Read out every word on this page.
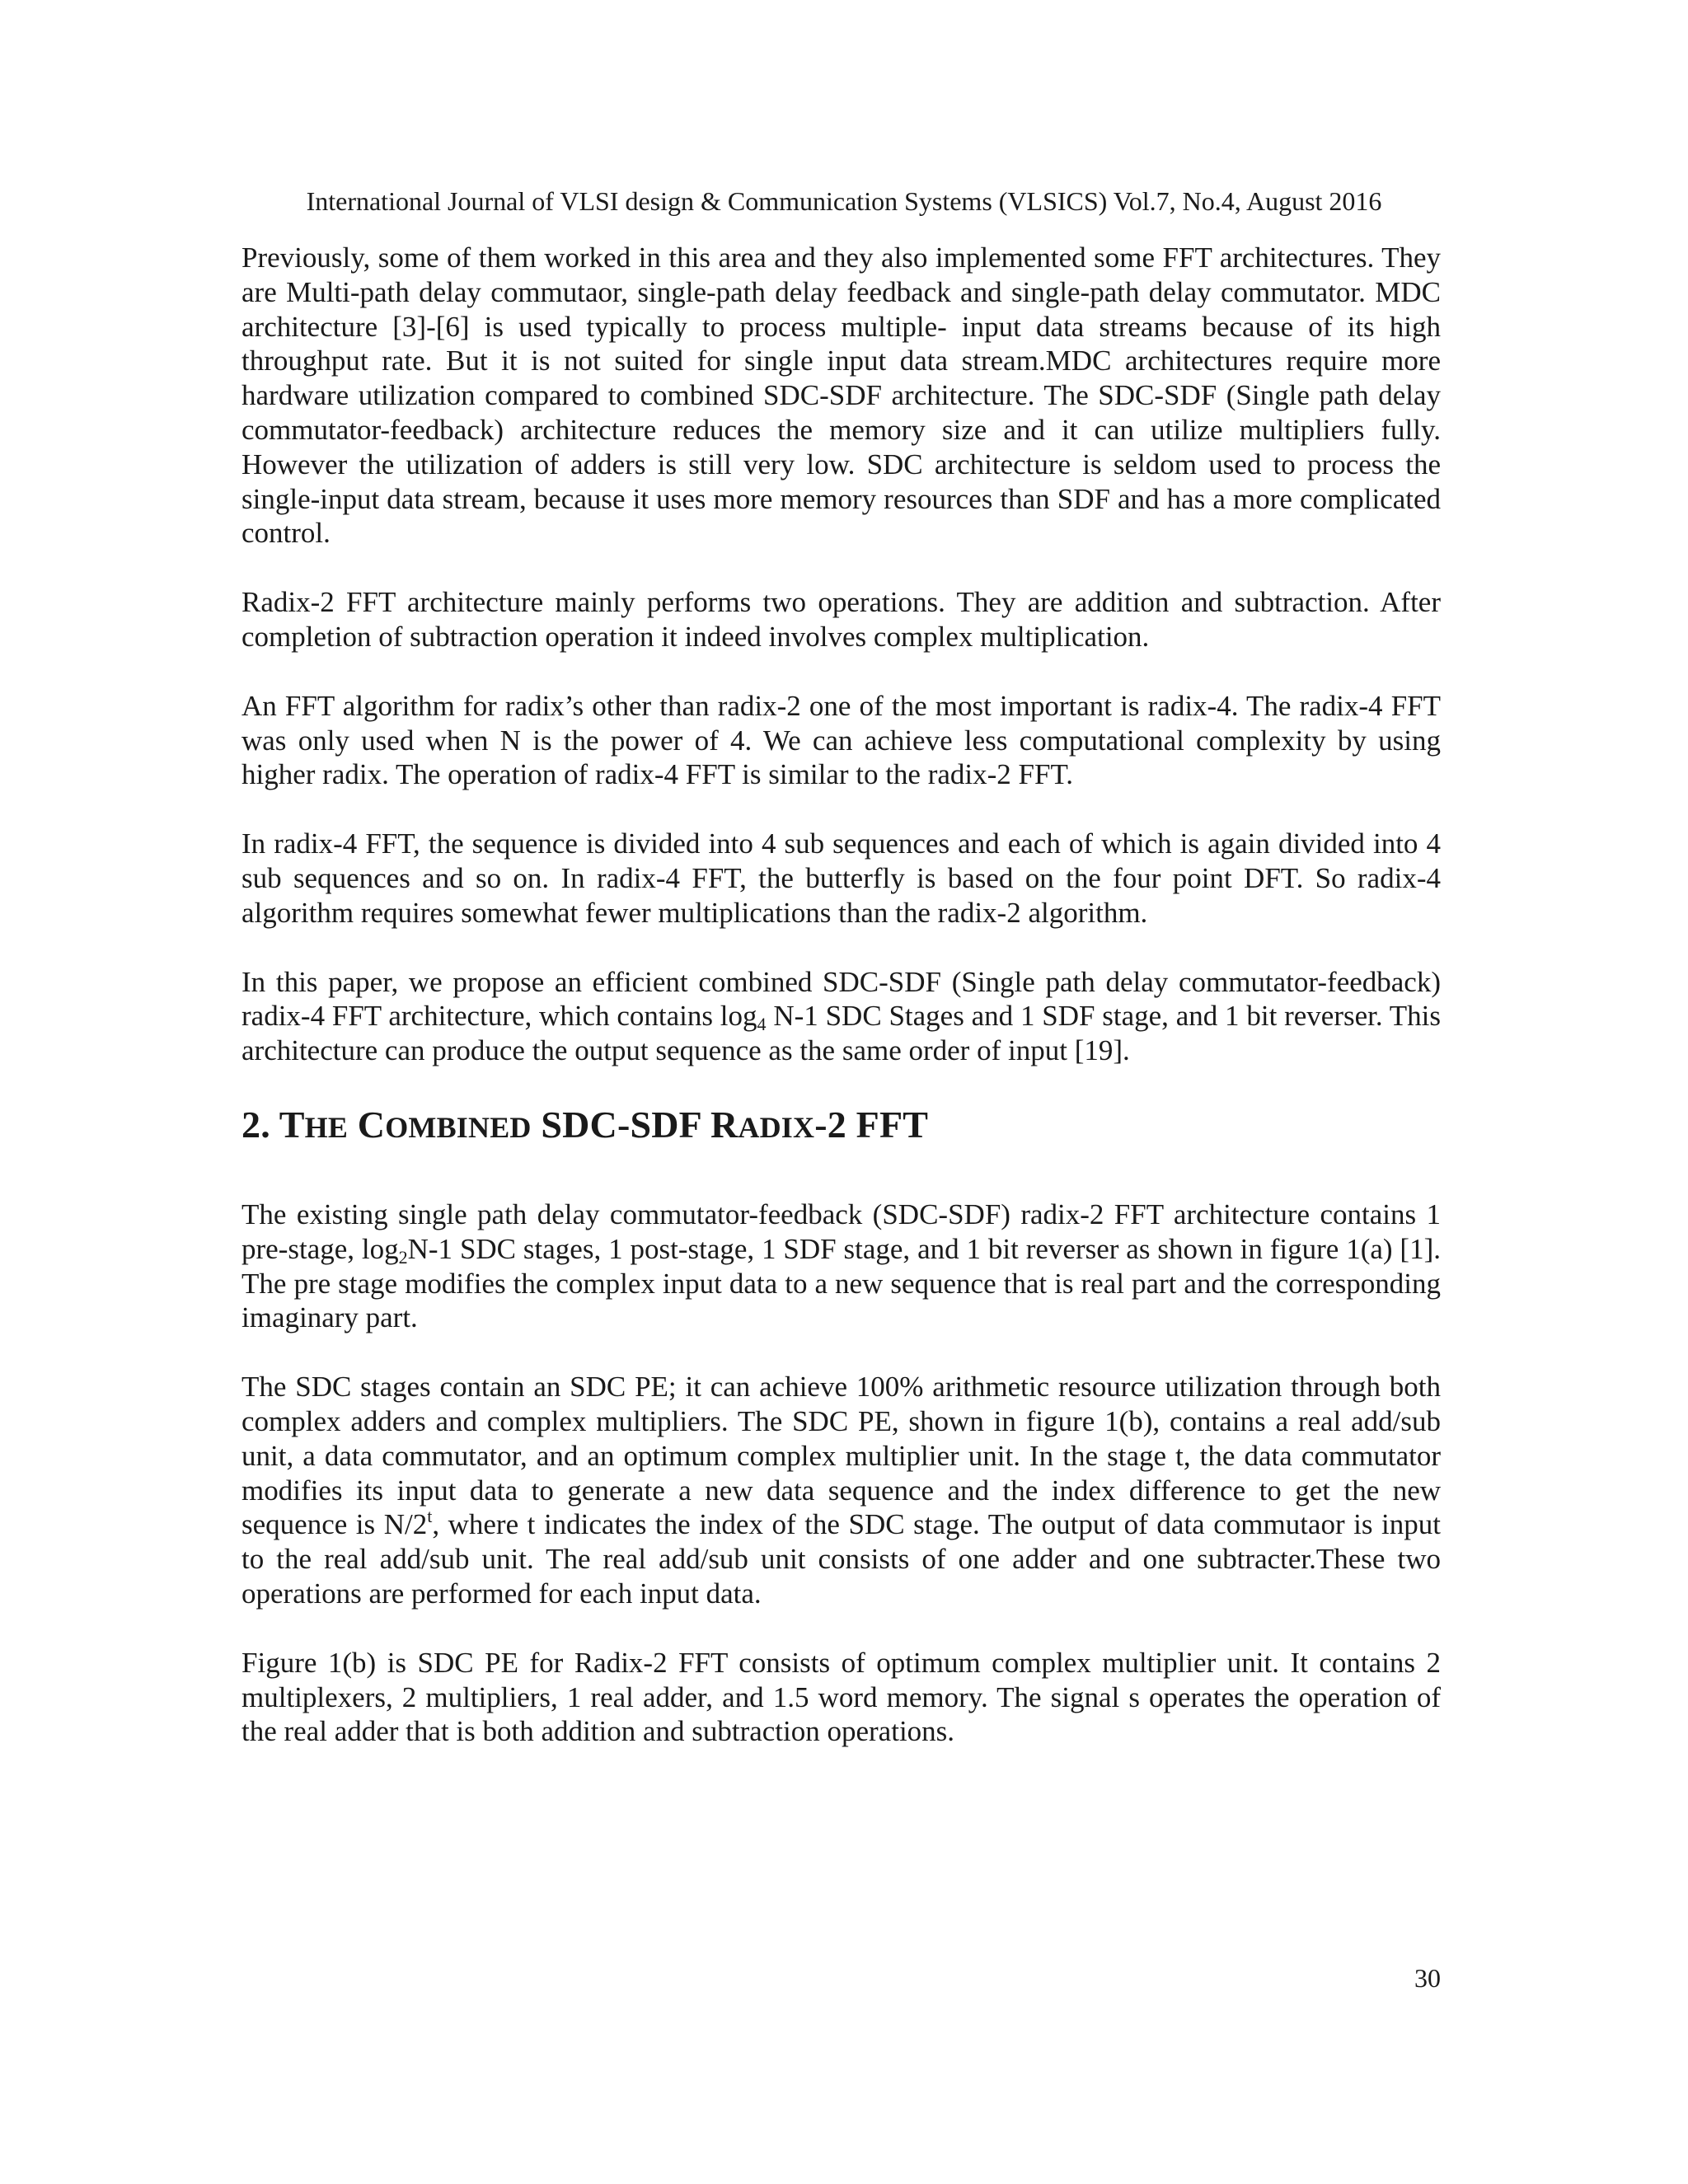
International Journal of VLSI design & Communication Systems (VLSICS) Vol.7, No.4, August 2016

Previously, some of them worked in this area and they also implemented some FFT architectures. They are Multi-path delay commutaor, single-path delay feedback and single-path delay commutator. MDC architecture [3]-[6] is used typically to process multiple- input data streams because of its high throughput rate. But it is not suited for single input data stream.MDC architectures require more hardware utilization compared to combined SDC-SDF architecture. The SDC-SDF (Single path delay commutator-feedback) architecture reduces the memory size and it can utilize multipliers fully. However the utilization of adders is still very low. SDC architecture is seldom used to process the single-input data stream, because it uses more memory resources than SDF and has a more complicated control.

Radix-2 FFT architecture mainly performs two operations. They are addition and subtraction. After completion of subtraction operation it indeed involves complex multiplication.

An FFT algorithm for radix’s other than radix-2 one of the most important is radix-4. The radix-4 FFT was only used when N is the power of 4. We can achieve less computational complexity by using higher radix. The operation of radix-4 FFT is similar to the radix-2 FFT.

In radix-4 FFT, the sequence is divided into 4 sub sequences and each of which is again divided into 4 sub sequences and so on. In radix-4 FFT, the butterfly is based on the four point DFT. So radix-4 algorithm requires somewhat fewer multiplications than the radix-2 algorithm.

In this paper, we propose an efficient combined SDC-SDF (Single path delay commutator-feedback) radix-4 FFT architecture, which contains $\log_4 N-1$ SDC Stages and 1 SDF stage, and 1 bit reverser. This architecture can produce the output sequence as the same order of input [19].

2. THE COMBINED SDC-SDF RADIX-2 FFT

The existing single path delay commutator-feedback (SDC-SDF) radix-2 FFT architecture contains 1 pre-stage, $\log_2N-1$ SDC stages, 1 post-stage, 1 SDF stage, and 1 bit reverser as shown in figure 1(a) [1]. The pre stage modifies the complex input data to a new sequence that is real part and the corresponding imaginary part.

The SDC stages contain an SDC PE; it can achieve 100% arithmetic resource utilization through both complex adders and complex multipliers. The SDC PE, shown in figure 1(b), contains a real add/sub unit, a data commutator, and an optimum complex multiplier unit. In the stage t, the data commutator modifies its input data to generate a new data sequence and the index difference to get the new sequence is N/2$^t$, where t indicates the index of the SDC stage. The output of data commutaor is input to the real add/sub unit. The real add/sub unit consists of one adder and one subtracter.These two operations are performed for each input data.

Figure 1(b) is SDC PE for Radix-2 FFT consists of optimum complex multiplier unit. It contains 2 multiplexers, 2 multipliers, 1 real adder, and 1.5 word memory. The signal s operates the operation of the real adder that is both addition and subtraction operations.

30
